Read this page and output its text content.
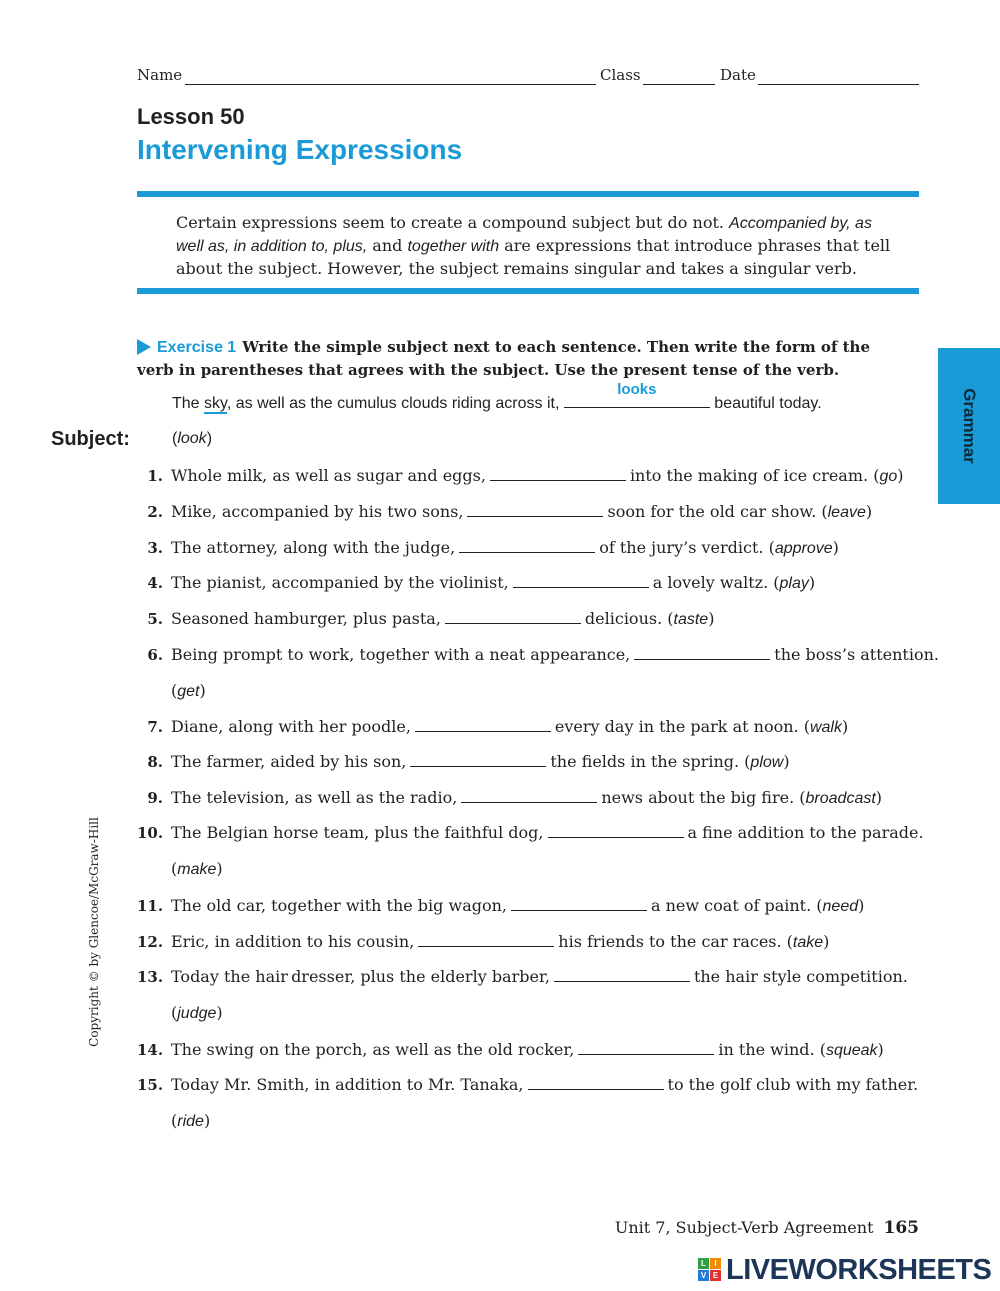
Name	Class	Date
Lesson 50
Intervening Expressions
Certain expressions seem to create a compound subject but do not. Accompanied by, as well as, in addition to, plus, and together with are expressions that introduce phrases that tell about the subject. However, the subject remains singular and takes a singular verb.
Exercise 1 Write the simple subject next to each sentence. Then write the form of the verb in parentheses that agrees with the subject. Use the present tense of the verb.
The sky, as well as the cumulus clouds riding across it,
looks
beautiful today.
Subject:	(look)
1. Whole milk, as well as sugar and eggs,	into the making of ice cream. (go)
2. Mike, accompanied by his two sons,	soon for the old car show. (leave)
3. The attorney, along with the judge,	of the jury’s verdict. (approve)
4. The pianist, accompanied by the violinist,	a lovely waltz. (play)
5. Seasoned hamburger, plus pasta,	delicious. (taste)
6. Being prompt to work, together with a neat appearance,	the boss’s attention.
(get)
7. Diane, along with her poodle,	every day in the park at noon. (walk)
8. The farmer, aided by his son,	the fields in the spring. (plow)
9. The television, as well as the radio,	news about the big fire. (broadcast)
10. The Belgian horse team, plus the faithful dog,	a fine addition to the parade.
(make)
11. The old car, together with the big wagon,	a new coat of paint. (need)
12. Eric, in addition to his cousin,	his friends to the car races. (take)
13. Today the hair dresser, plus the elderly barber,	the hair style competition.
(judge)
14. The swing on the porch, as well as the old rocker,	in the wind. (squeak)
15. Today Mr. Smith, in addition to Mr. Tanaka,	to the golf club with my father.
(ride)
Grammar
Copyright © by Glencoe/McGraw-Hill
Unit 7, Subject-Verb Agreement 165
L	I
V E LIVEWORKSHEETS
